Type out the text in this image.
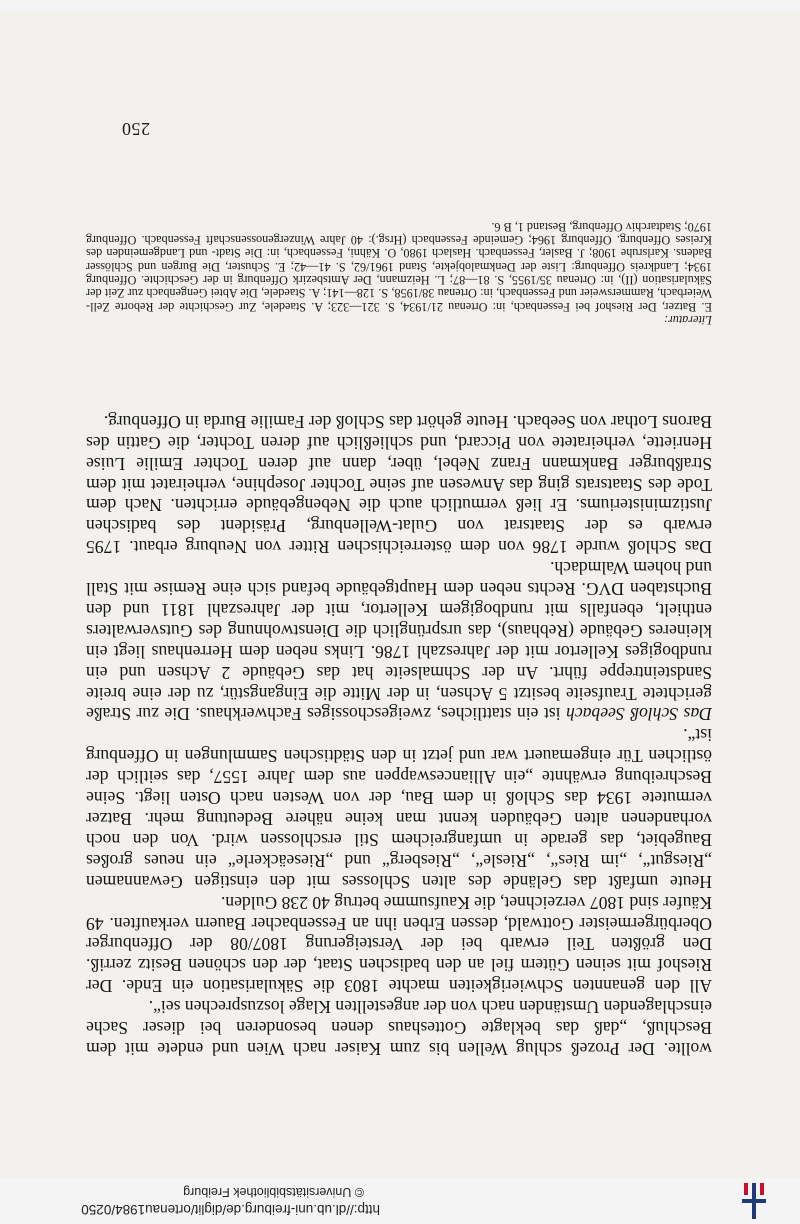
http://dl.ub.uni-freiburg.de/diglit/ortenau1984/0250
© Universitätsbibliothek Freiburg
250

wollte. Der Prozeß schlug Wellen bis zum Kaiser nach Wien und endete mit dem Beschluß, „daß das beklagte Gotteshaus denen besonderen bei dieser Sache einschlagenden Umständen nach von der angestellten Klage loszusprechen sei“.

All den genannten Schwierigkeiten machte 1803 die Säkularisation ein Ende. Der Rieshof mit seinen Gütern fiel an den badischen Staat, der den schönen Besitz zerriß. Den größten Teil erwarb bei der Versteigerung 1807/08 der Offenburger Oberbürgermeister Gottwald, dessen Erben ihn an Fessenbacher Bauern verkauften. 49 Käufer sind 1807 verzeichnet, die Kaufsumme betrug 40 238 Gulden.

Heute umfaßt das Gelände des alten Schlosses mit den einstigen Gewannamen „Riesgut“, „im Ries“, „Riesle“, „Riesberg“ und „Rieseäckerle“ ein neues großes Baugebiet, das gerade in umfangreichem Stil erschlossen wird. Von den noch vorhandenen alten Gebäuden kennt man keine nähere Bedeutung mehr. Batzer vermutete 1934 das Schloß in dem Bau, der von Westen nach Osten liegt. Seine Beschreibung erwähnte „ein Allianceswappen aus dem Jahre 1557, das seitlich der östlichen Tür eingemauert war und jetzt in den Städtischen Sammlungen in Offenburg ist“.

Das Schloß Seebach ist ein stattliches, zweigeschossiges Fachwerkhaus. Die zur Straße gerichtete Traufseite besitzt 5 Achsen, in der Mitte die Eingangstür, zu der eine breite Sandsteintreppe führt. An der Schmalseite hat das Gebäude 2 Achsen und ein rundbogiges Kellertor mit der Jahreszahl 1786. Links neben dem Herrenhaus liegt ein kleineres Gebäude (Rebhaus), das ursprünglich die Dienstwohnung des Gutsverwalters enthielt, ebenfalls mit rundbogigem Kellertor, mit der Jahreszahl 1811 und den Buchstaben DVG. Rechts neben dem Hauptgebäude befand sich eine Remise mit Stall und hohem Walmdach.

Das Schloß wurde 1786 von dem österreichischen Ritter von Neuburg erbaut. 1795 erwarb es der Staatsrat von Gulat-Wellenburg, Präsident des badischen Justizministeriums. Er ließ vermutlich auch die Nebengebäude errichten. Nach dem Tode des Staatsrats ging das Anwesen auf seine Tochter Josephine, verheiratet mit dem Straßburger Bankmann Franz Nebel, über, dann auf deren Tochter Emilie Luise Henriette, verheiratete von Piccard, und schließlich auf deren Tochter, die Gattin des Barons Lothar von Seebach. Heute gehört das Schloß der Familie Burda in Offenburg.

Literatur:
E. Batzer, Der Rieshof bei Fessenbach, in: Ortenau 21/1934, S. 321—323; A. Staedele, Zur Geschichte der Reborte Zell-Weierbach, Rammersweier und Fessenbach, in: Ortenau 38/1958, S. 128—141; A. Staedele, Die Abtei Gengenbach zur Zeit der Säkularisation (II), in: Ortenau 35/1955, S. 81—87; L. Heizmann, Der Amtsbezirk Offenburg in der Geschichte. Offenburg 1934; Landkreis Offenburg: Liste der Denkmalobjekte, Stand 1961/62, S. 41—42; E. Schuster, Die Burgen und Schlösser Badens. Karlsruhe 1908; J. Basler, Fessenbach. Haslach 1980, O. Kähni, Fessenbach, in: Die Stadt- und Landgemeinden des Kreises Offenburg. Offenburg 1964; Gemeinde Fessenbach (Hrsg.): 40 Jahre Winzergenossenschaft Fessenbach. Offenburg 1970; Stadtarchiv Offenburg, Bestand 1, B 6.
